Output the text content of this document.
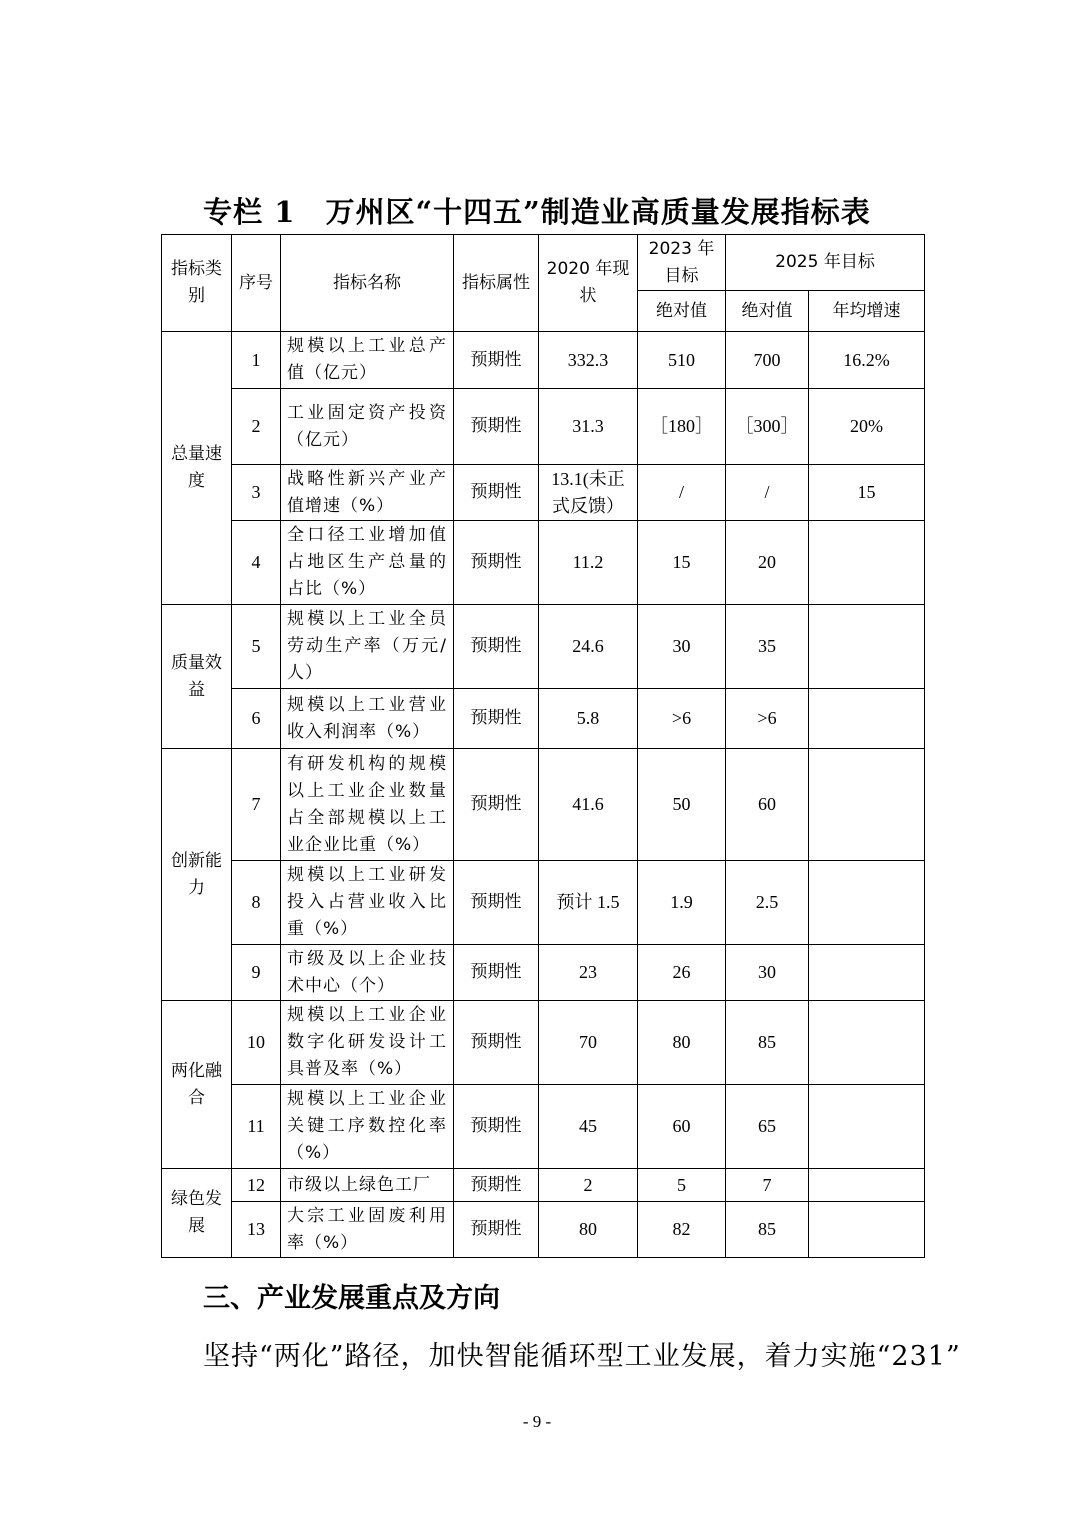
专栏 1　万州区“十四五”制造业高质量发展指标表
指标类别	序号	指标名称	指标属性	2020 年现状	2023 年目标	2025 年目标	
					绝对值	绝对值	年均增速
总量速度	1	规模以上工业总产值（亿元）	预期性	332.3	510	700	16.2%
	2	工业固定资产投资（亿元）	预期性	31.3	［180］	［300］	20%
	3	战略性新兴产业产值增速（%）	预期性	13.1(未正式反馈）	/	/	15
	4	全口径工业增加值占地区生产总量的占比（%）	预期性	11.2	15	20	
质量效益	5	规模以上工业全员劳动生产率（万元/人）	预期性	24.6	30	35	
	6	规模以上工业营业收入利润率（%）	预期性	5.8	>6	>6	
创新能力	7	有研发机构的规模以上工业企业数量占全部规模以上工业企业比重（%）	预期性	41.6	50	60	
	8	规模以上工业研发投入占营业收入比重（%）	预期性	预计 1.5	1.9	2.5	
	9	市级及以上企业技术中心（个）	预期性	23	26	30	
两化融合	10	规模以上工业企业数字化研发设计工具普及率（%）	预期性	70	80	85	
	11	规模以上工业企业关键工序数控化率（%）	预期性	45	60	65	
绿色发展	12	市级以上绿色工厂	预期性	2	5	7	
	13	大宗工业固废利用率（%）	预期性	80	82	85	
三、产业发展重点及方向
坚持“两化”路径，加快智能循环型工业发展，着力实施“231”
- 9 -
